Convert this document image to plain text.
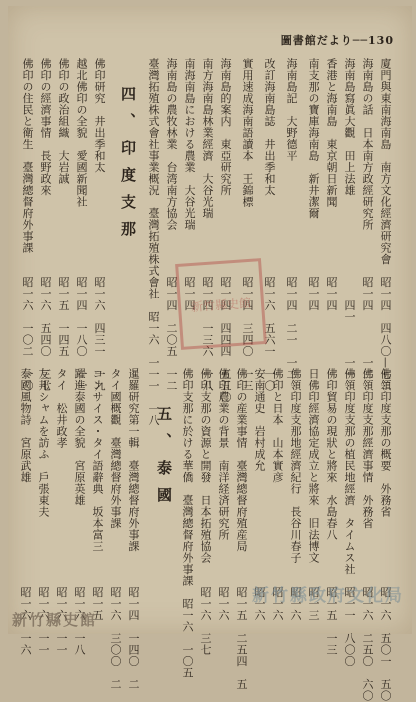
圖書館だより──130
廈門與東南海南島　南方文化經濟研究會　昭一四　四八〇—七二
海南島の話　日本南方政經研究所　　　　昭一四　　　　一二
海南島寫眞大觀　田上法雄　　　　　　　　　四一　　　一一
香港と海南島　東京朝日新聞　　　　　　昭一四
南支那の寶庫海南島　新井潔爾　　　　　昭一四
海南島記　大野德平　　　　　　　　　　昭一四　二一　一二
改訂海南島誌　井出季和太　　　　　　　昭一六　五六一　一〇
實用速成海南語讀本　王錦標　　　　　　昭一四　三四〇　一三
海南島的案内　東亞研究所　　　　　　　昭一四　四四四　五五〇
南方海南島林業經濟　大谷光瑞　　　　　昭一四　一三六　一八
南海南島における農業　大谷光瑞　　　　昭一四
海南島の農牧林業　台湾南方協会　　　　昭一四　二〇五　一二
臺灣拓殖株式會社事業概況　臺灣拓殖株式會社　昭一六　一一一　一八
四、印度支那
佛印研究　井出季和太　　　　　　　　　昭一六　四三一　一九
越北佛印の全貌　愛國新聞社　　　　　　昭一四　一八〇　一一
佛印の政治組織　大岩誠　　　　　　　　昭一五　一四五
佛印の經濟事情　長野政來　　　　　　　昭一六　五四〇　三七
佛印の住民と衛生　臺灣總督府外事課　　昭一六　一〇二　一〇	新竹縣史館
佛領印度支那の概要　外務省　　　　　　昭一六　五〇一　五〇
佛領印度支那經濟事情　外務省　　　　　昭一六　二五〇　六〇
佛領印度支那の植民地經濟　タイムス社　昭一一　八〇〇
佛印貿易の現狀と將來　水島春八　　　　昭一五　一三
日佛印經濟協定成立と將來　旧法博文　　昭一三
佛領印度支那地經濟紀行　長谷川春子　　昭一六
佛印と日本　山本實彦　　　　　　　　　昭一六
安南通史　岩村成允　　　　　　　　　　昭一六
佛印の産業事情　臺灣總督府殖産局　　　昭一五　二五四　五
佛印農業の背景　南洋経済研究所　　　　昭一六
佛印支那の資源と開發　日本拓殖協会　　昭一六　三七
佛印支那に於ける華僑　臺灣總督府外事課　昭一六　一〇五
五、泰國
暹羅研究第一輯　臺灣總督府外事課　　　昭一四　一四〇　二
タイ國概觀　臺灣總督府外事課　　　　　昭一六　三〇〇　二
コンサイス・タイ語辭典　坂本富三　　　昭一五
躍進泰國の全貌　宮原英雄　　　　　　　昭一六　一八
タイ　松井政孝　　　　　　　　　　　　昭一六　一一
友邦シャムを訪ふ　戶張東夫　　　　　　昭一六　一一
泰國風物詩　宮原武雄　　　　　　　　　昭一六　一六	新竹縣政府文化局
新竹縣史館
